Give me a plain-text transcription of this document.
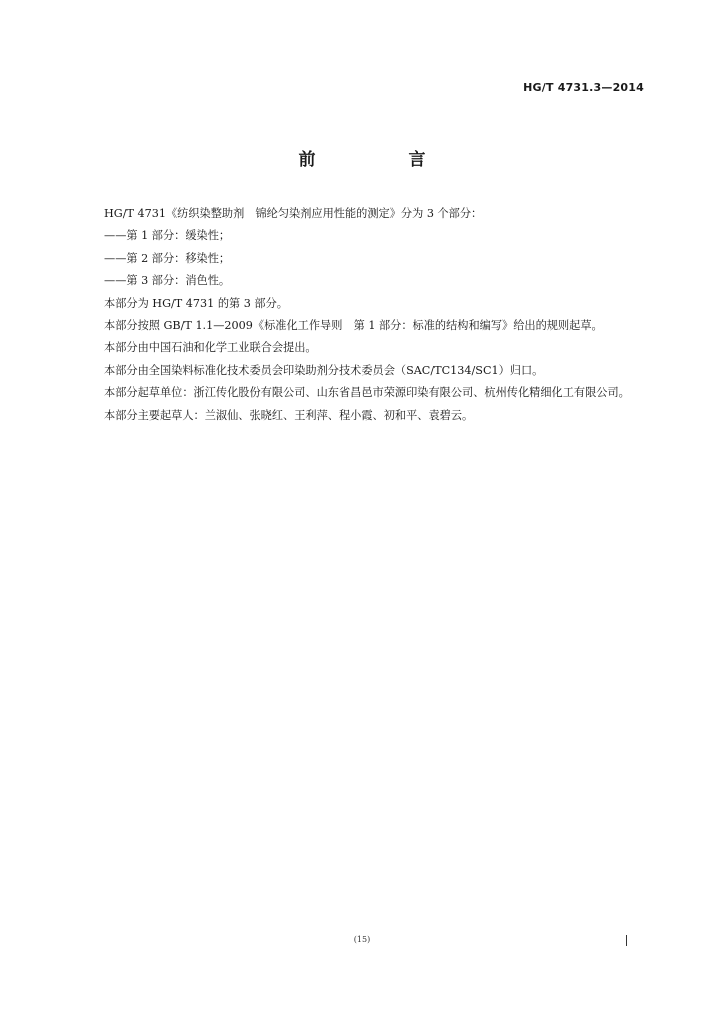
HG/T 4731.3—2014
前　言

HG/T 4731《纺织染整助剂　锦纶匀染剂应用性能的测定》分为 3 个部分：

——第 1 部分：缓染性；

——第 2 部分：移染性；

——第 3 部分：消色性。

本部分为 HG/T 4731 的第 3 部分。

本部分按照 GB/T 1.1—2009《标准化工作导则　第 1 部分：标准的结构和编写》给出的规则起草。

本部分由中国石油和化学工业联合会提出。

本部分由全国染料标准化技术委员会印染助剂分技术委员会（SAC/TC134/SC1）归口。

本部分起草单位：浙江传化股份有限公司、山东省昌邑市荣源印染有限公司、杭州传化精细化工有限公司。

本部分主要起草人：兰淑仙、张晓红、王利萍、程小霞、初和平、袁碧云。

(15)
